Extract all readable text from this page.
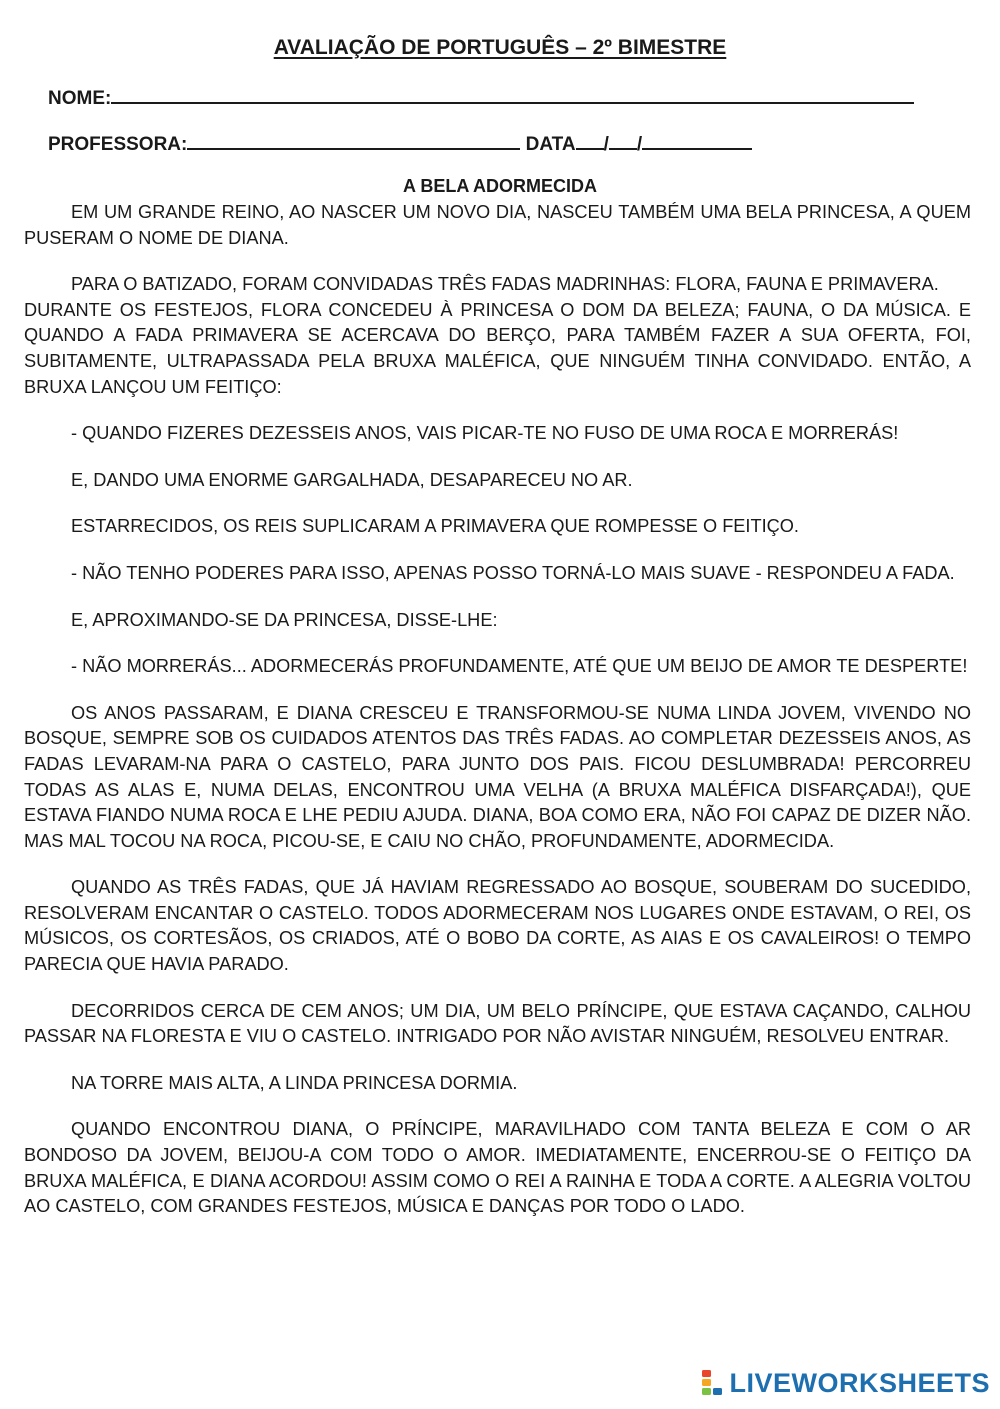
AVALIAÇÃO DE PORTUGUÊS – 2º BIMESTRE
NOME:
PROFESSORA:	DATA / /
A BELA ADORMECIDA

EM UM GRANDE REINO, AO NASCER UM NOVO DIA, NASCEU TAMBÉM UMA BELA PRINCESA, A QUEM PUSERAM O NOME DE DIANA.

PARA O BATIZADO, FORAM CONVIDADAS TRÊS FADAS MADRINHAS: FLORA, FAUNA E PRIMAVERA.

DURANTE OS FESTEJOS, FLORA CONCEDEU À PRINCESA O DOM DA BELEZA; FAUNA, O DA MÚSICA. E QUANDO A FADA PRIMAVERA SE ACERCAVA DO BERÇO, PARA TAMBÉM FAZER A SUA OFERTA, FOI, SUBITAMENTE, ULTRAPASSADA PELA BRUXA MALÉFICA, QUE NINGUÉM TINHA CONVIDADO. ENTÃO, A BRUXA LANÇOU UM FEITIÇO:

- QUANDO FIZERES DEZESSEIS ANOS, VAIS PICAR-TE NO FUSO DE UMA ROCA E MORRERÁS!

E, DANDO UMA ENORME GARGALHADA, DESAPARECEU NO AR.

ESTARRECIDOS, OS REIS SUPLICARAM A PRIMAVERA QUE ROMPESSE O FEITIÇO.

- NÃO TENHO PODERES PARA ISSO, APENAS POSSO TORNÁ-LO MAIS SUAVE - RESPONDEU A FADA.

E, APROXIMANDO-SE DA PRINCESA, DISSE-LHE:

- NÃO MORRERÁS... ADORMECERÁS PROFUNDAMENTE, ATÉ QUE UM BEIJO DE AMOR TE DESPERTE!

OS ANOS PASSARAM, E DIANA CRESCEU E TRANSFORMOU-SE NUMA LINDA JOVEM, VIVENDO NO BOSQUE, SEMPRE SOB OS CUIDADOS ATENTOS DAS TRÊS FADAS. AO COMPLETAR DEZESSEIS ANOS, AS FADAS LEVARAM-NA PARA O CASTELO, PARA JUNTO DOS PAIS. FICOU DESLUMBRADA! PERCORREU TODAS AS ALAS E, NUMA DELAS, ENCONTROU UMA VELHA (A BRUXA MALÉFICA DISFARÇADA!), QUE ESTAVA FIANDO NUMA ROCA E LHE PEDIU AJUDA. DIANA, BOA COMO ERA, NÃO FOI CAPAZ DE DIZER NÃO. MAS MAL TOCOU NA ROCA, PICOU-SE, E CAIU NO CHÃO, PROFUNDAMENTE, ADORMECIDA.

QUANDO AS TRÊS FADAS, QUE JÁ HAVIAM REGRESSADO AO BOSQUE, SOUBERAM DO SUCEDIDO, RESOLVERAM ENCANTAR O CASTELO. TODOS ADORMECERAM NOS LUGARES ONDE ESTAVAM, O REI, OS MÚSICOS, OS CORTESÃOS, OS CRIADOS, ATÉ O BOBO DA CORTE, AS AIAS E OS CAVALEIROS! O TEMPO PARECIA QUE HAVIA PARADO.

DECORRIDOS CERCA DE CEM ANOS; UM DIA, UM BELO PRÍNCIPE, QUE ESTAVA CAÇANDO, CALHOU PASSAR NA FLORESTA E VIU O CASTELO. INTRIGADO POR NÃO AVISTAR NINGUÉM, RESOLVEU ENTRAR.

NA TORRE MAIS ALTA, A LINDA PRINCESA DORMIA.

QUANDO ENCONTROU DIANA, O PRÍNCIPE, MARAVILHADO COM TANTA BELEZA E COM O AR BONDOSO DA JOVEM, BEIJOU-A COM TODO O AMOR. IMEDIATAMENTE, ENCERROU-SE O FEITIÇO DA BRUXA MALÉFICA, E DIANA ACORDOU! ASSIM COMO O REI A RAINHA E TODA A CORTE. A ALEGRIA VOLTOU AO CASTELO, COM GRANDES FESTEJOS, MÚSICA E DANÇAS POR TODO O LADO.

LIVEWORKSHEETS
